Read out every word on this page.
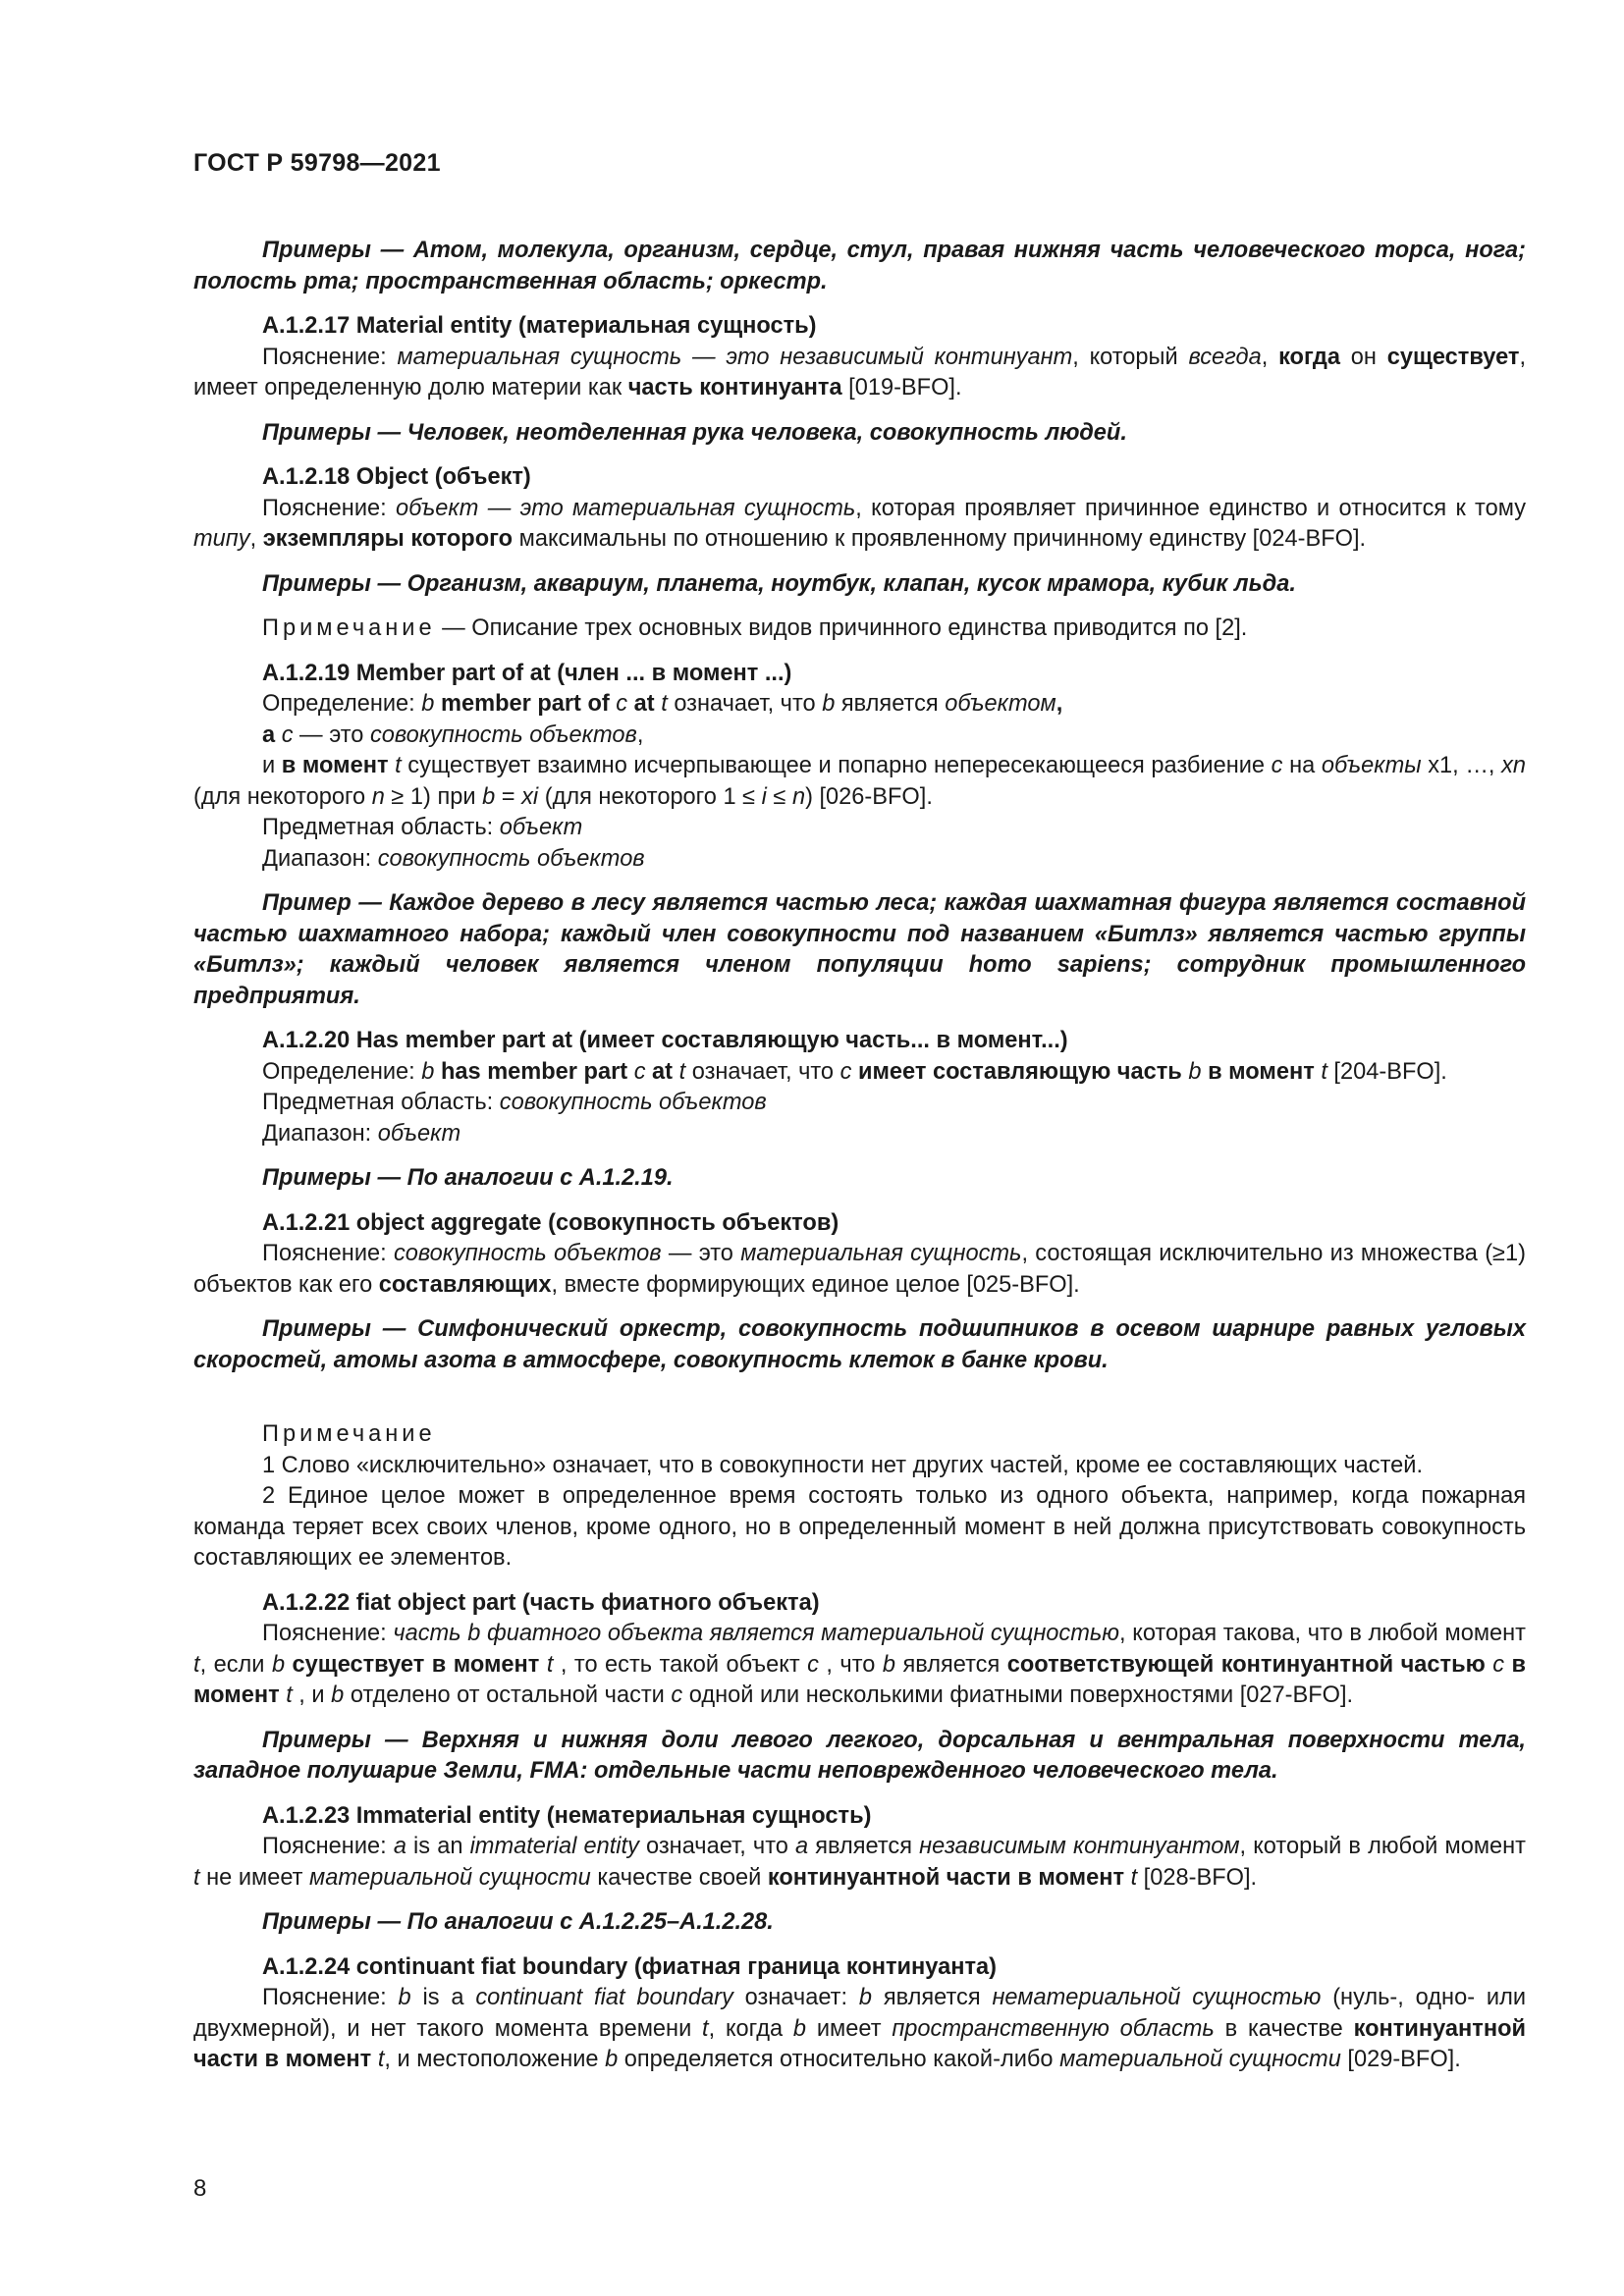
ГОСТ Р 59798—2021

Примеры — Атом, молекула, организм, сердце, стул, правая нижняя часть человеческого торса, нога; полость рта; пространственная область; оркестр.

А.1.2.17 Material entity (материальная сущность)

Пояснение: материальная сущность — это независимый континуант, который всегда, когда он существует, имеет определенную долю материи как часть континуанта [019-BFO].

Примеры — Человек, неотделенная рука человека, совокупность людей.

А.1.2.18 Object (объект)

Пояснение: объект — это материальная сущность, которая проявляет причинное единство и относится к тому типу, экземпляры которого максимальны по отношению к проявленному причинному единству [024-BFO].

Примеры — Организм, аквариум, планета, ноутбук, клапан, кусок мрамора, кубик льда.

Примечание — Описание трех основных видов причинного единства приводится по [2].

А.1.2.19 Member part of at (член ... в момент ...)

Определение: b member part of c at t означает, что b является объектом,

а c — это совокупность объектов,

и в момент t существует взаимно исчерпывающее и попарно непересекающееся разбиение c на объекты x1, …, xn (для некоторого n ≥ 1) при b = xi (для некоторого 1 ≤ i ≤ n) [026-BFO].

Предметная область: объект

Диапазон: совокупность объектов

Пример — Каждое дерево в лесу является частью леса; каждая шахматная фигура является составной частью шахматного набора; каждый член совокупности под названием «Битлз» является частью группы «Битлз»; каждый человек является членом популяции hoто sapiens; сотрудник промышленного предприятия.

А.1.2.20 Has member part at (имеет составляющую часть... в момент...)

Определение: b has member part c at t означает, что c имеет составляющую часть b в момент t [204-BFO].

Предметная область: совокупность объектов

Диапазон: объект

Примеры — По аналогии с А.1.2.19.

А.1.2.21 object aggregate (совокупность объектов)

Пояснение: совокупность объектов — это материальная сущность, состоящая исключительно из множества (≥1) объектов как его составляющих, вместе формирующих единое целое [025-BFO].

Примеры — Симфонический оркестр, совокупность подшипников в осевом шарнире равных угловых скоростей, атомы азота в атмосфере, совокупность клеток в банке крови.

Примечание

1 Слово «исключительно» означает, что в совокупности нет других частей, кроме ее составляющих частей.

2 Единое целое может в определенное время состоять только из одного объекта, например, когда пожарная команда теряет всех своих членов, кроме одного, но в определенный момент в ней должна присутствовать совокупность составляющих ее элементов.

А.1.2.22 fiat object part (часть фиатного объекта)

Пояснение: часть b фиатного объекта является материальной сущностью, которая такова, что в любой момент t, если b существует в момент t , то есть такой объект c , что b является соответствующей континуантной частью c в момент t , и b отделено от остальной части c одной или несколькими фиатными поверхностями [027-BFO].

Примеры — Верхняя и нижняя доли левого легкого, дорсальная и вентральная поверхности тела, западное полушарие Земли, FMA: отдельные части неповрежденного человеческого тела.

А.1.2.23 Immaterial entity (нематериальная сущность)

Пояснение: a is an immaterial entity означает, что a является независимым континуантом, который в любой момент t не имеет материальной сущности качестве своей континуантной части в момент t [028-BFO].

Примеры — По аналогии с А.1.2.25–А.1.2.28.

А.1.2.24 continuant fiat boundary (фиатная граница континуанта)

Пояснение: b is a continuant fiat boundary означает: b является нематериальной сущностью (нуль-, одно- или двухмерной), и нет такого момента времени t, когда b имеет пространственную область в качестве континуантной части в момент t, и местоположение b определяется относительно какой-либо материальной сущности [029-BFO].

8
